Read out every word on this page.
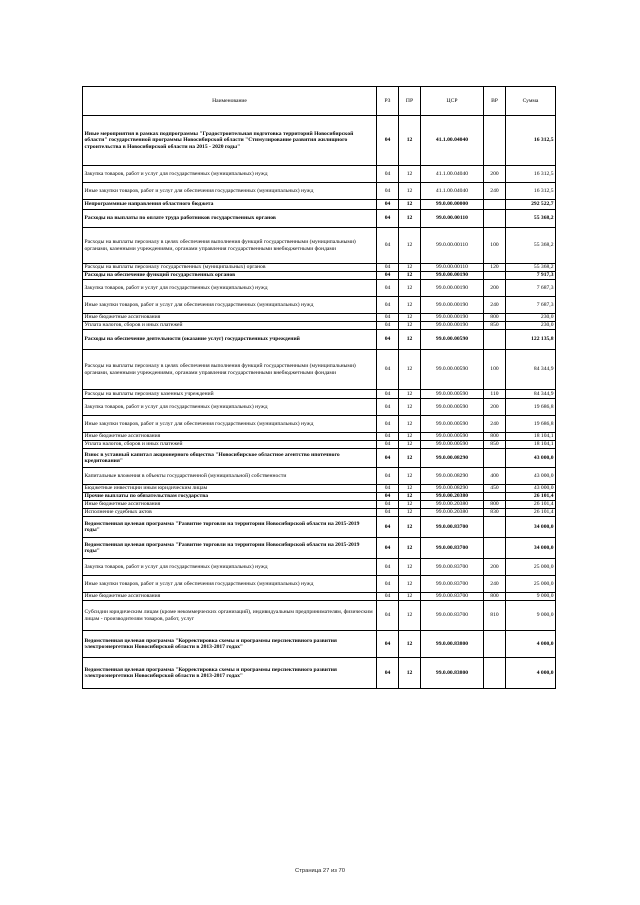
Наименование	РЗ	ПР	ЦСР	ВР	Сумма
Иные мероприятия в рамках подпрограммы "Градостроительная подготовка территорий Новосибирской области" государственной программы Новосибирской области "Стимулирование развития жилищного строительства в Новосибирской области на 2015 - 2020 годы"	04	12	41.1.00.04040		16 312,5
Закупка товаров, работ и услуг для государственных (муниципальных) нужд	04	12	41.1.00.04040	200	16 312,5
Иные закупки товаров, работ и услуг для обеспечения государственных (муниципальных) нужд	04	12	41.1.00.04040	240	16 312,5
Непрограммные направления областного бюджета	04	12	99.0.00.00000		292 522,7
Расходы на выплаты по оплате труда работников государственных органов	04	12	99.0.00.00110		55 368,2
Расходы на выплаты персоналу в целях обеспечения выполнения функций государственными (муниципальными) органами, казенными учреждениями, органами управления государственными внебюджетными фондами	04	12	99.0.00.00110	100	55 368,2
Расходы на выплаты персоналу государственных (муниципальных) органов	04	12	99.0.00.00110	120	55 368,2
Расходы на обеспечение функций государственных органов	04	12	99.0.00.00190		7 917,3
Закупка товаров, работ и услуг для государственных (муниципальных) нужд	04	12	99.0.00.00190	200	7 687,3
Иные закупки товаров, работ и услуг для обеспечения государственных (муниципальных) нужд	04	12	99.0.00.00190	240	7 687,3
Иные бюджетные ассигнования	04	12	99.0.00.00190	800	230,0
Уплата налогов, сборов и иных платежей	04	12	99.0.00.00190	850	230,0
Расходы на обеспечение деятельности (оказание услуг) государственных учреждений	04	12	99.0.00.00590		122 135,8
Расходы на выплаты персоналу в целях обеспечения выполнения функций государственными (муниципальными) органами, казенными учреждениями, органами управления государственными внебюджетными фондами	04	12	99.0.00.00590	100	84 344,9
Расходы на выплаты персоналу казенных учреждений	04	12	99.0.00.00590	110	84 344,9
Закупка товаров, работ и услуг для государственных (муниципальных) нужд	04	12	99.0.00.00590	200	19 686,8
Иные закупки товаров, работ и услуг для обеспечения государственных (муниципальных) нужд	04	12	99.0.00.00590	240	19 686,8
Иные бюджетные ассигнования	04	12	99.0.00.00590	800	18 104,1
Уплата налогов, сборов и иных платежей	04	12	99.0.00.00590	850	18 104,1
Взнос в уставный капитал акционерного общества "Новосибирское областное агентство ипотечного кредитования"	04	12	99.0.00.08290		43 000,0
Капитальные вложения в объекты государственной (муниципальной) собственности	04	12	99.0.00.08290	400	43 000,0
Бюджетные инвестиции иным юридическим лицам	04	12	99.0.00.08290	450	43 000,0
Прочие выплаты по обязательствам государства	04	12	99.0.00.20380		26 101,4
Иные бюджетные ассигнования	04	12	99.0.00.20380	800	26 101,4
Исполнение судебных актов	04	12	99.0.00.20380	830	26 101,4
Ведомственная целевая программа "Развитие торговли на территории Новосибирской области на 2015-2019 годы"	04	12	99.0.00.83700		34 000,0
Ведомственная целевая программа "Развитие торговли на территории Новосибирской области на 2015-2019 годы"	04	12	99.0.00.83700		34 000,0
Закупка товаров, работ и услуг для государственных (муниципальных) нужд	04	12	99.0.00.83700	200	25 000,0
Иные закупки товаров, работ и услуг для обеспечения государственных (муниципальных) нужд	04	12	99.0.00.83700	240	25 000,0
Иные бюджетные ассигнования	04	12	99.0.00.83700	800	9 000,0
Субсидии юридическим лицам (кроме некоммерческих организаций), индивидуальным предпринимателям, физическим лицам - производителям товаров, работ, услуг	04	12	99.0.00.83700	810	9 000,0
Ведомственная целевая программа "Корректировка схемы и программы перспективного развития электроэнергетики Новосибирской области в 2013-2017 годах"	04	12	99.0.00.83800		4 000,0
Ведомственная целевая программа "Корректировка схемы и программы перспективного развития электроэнергетики Новосибирской области в 2013-2017 годах"	04	12	99.0.00.83800		4 000,0
Страница 27 из 70
